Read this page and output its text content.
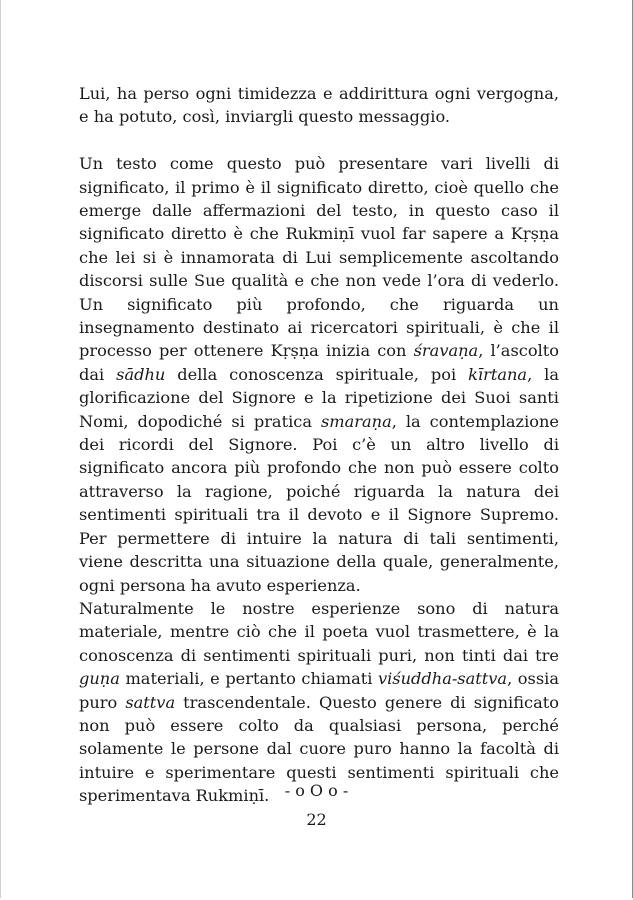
Lui, ha perso ogni timidezza e addirittura ogni vergogna, e ha potuto, così, inviargli questo messaggio.

Un testo come questo può presentare vari livelli di significato, il primo è il significato diretto, cioè quello che emerge dalle affermazioni del testo, in questo caso il significato diretto è che Rukmiṇī vuol far sapere a Kṛṣṇa che lei si è innamorata di Lui semplicemente ascoltando discorsi sulle Sue qualità e che non vede l’ora di vederlo. Un significato più profondo, che riguarda un insegnamento destinato ai ricercatori spirituali, è che il processo per ottenere Kṛṣṇa inizia con śravaṇa, l’ascolto dai sādhu della conoscenza spirituale, poi kīrtana, la glorificazione del Signore e la ripetizione dei Suoi santi Nomi, dopodiché si pratica smaraṇa, la contemplazione dei ricordi del Signore. Poi c’è un altro livello di significato ancora più profondo che non può essere colto attraverso la ragione, poiché riguarda la natura dei sentimenti spirituali tra il devoto e il Signore Supremo. Per permettere di intuire la natura di tali sentimenti, viene descritta una situazione della quale, generalmente, ogni persona ha avuto esperienza.

Naturalmente le nostre esperienze sono di natura materiale, mentre ciò che il poeta vuol trasmettere, è la conoscenza di sentimenti spirituali puri, non tinti dai tre guṇa materiali, e pertanto chiamati viśuddha-sattva, ossia puro sattva trascendentale. Questo genere di significato non può essere colto da qualsiasi persona, perché solamente le persone dal cuore puro hanno la facoltà di intuire e sperimentare questi sentimenti spirituali che sperimentava Rukmiṇī. - o O o -
22
